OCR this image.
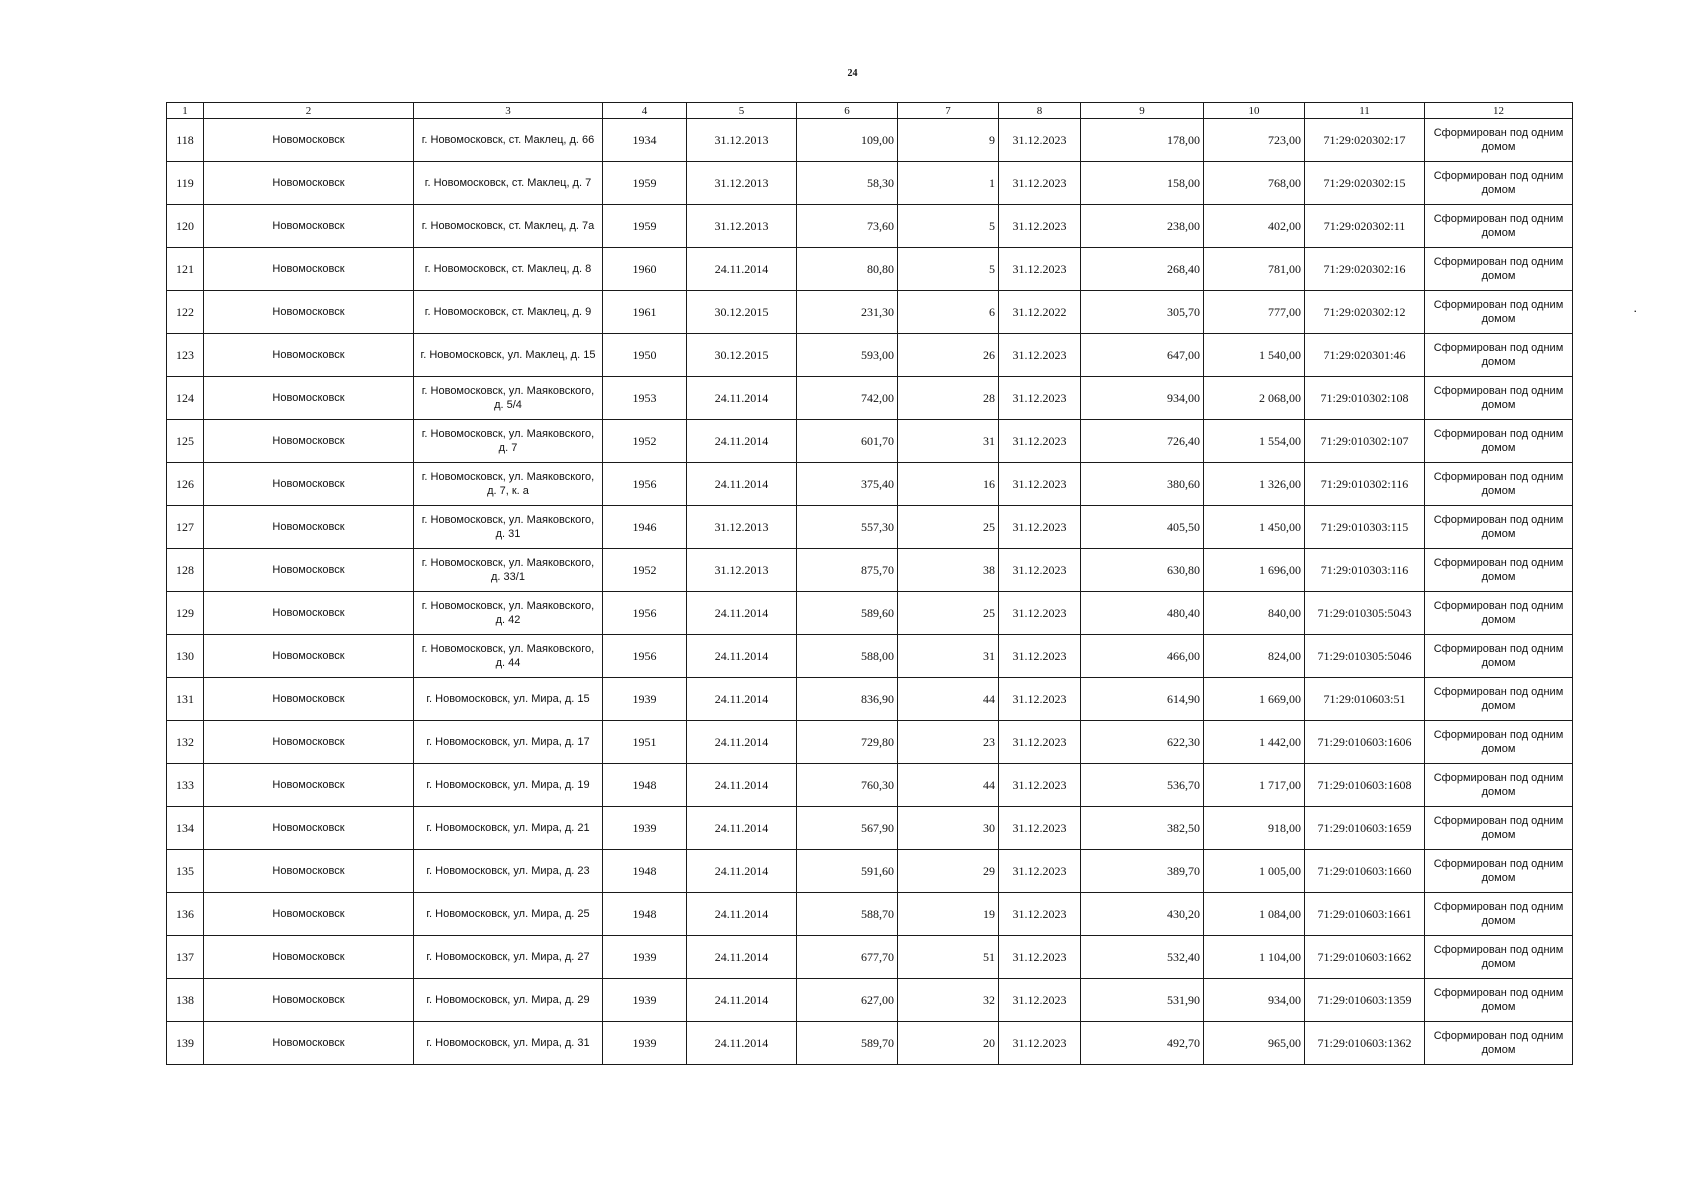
24
1	2	3	4	5	6	7	8	9	10	11	12
118	Новомосковск	г. Новомосковск, ст. Маклец, д. 66	1934	31.12.2013	109,00	9	31.12.2023	178,00	723,00	71:29:020302:17	Сформирован под одним домом
119	Новомосковск	г. Новомосковск, ст. Маклец, д. 7	1959	31.12.2013	58,30	1	31.12.2023	158,00	768,00	71:29:020302:15	Сформирован под одним домом
120	Новомосковск	г. Новомосковск, ст. Маклец, д. 7а	1959	31.12.2013	73,60	5	31.12.2023	238,00	402,00	71:29:020302:11	Сформирован под одним домом
121	Новомосковск	г. Новомосковск, ст. Маклец, д. 8	1960	24.11.2014	80,80	5	31.12.2023	268,40	781,00	71:29:020302:16	Сформирован под одним домом
122	Новомосковск	г. Новомосковск, ст. Маклец, д. 9	1961	30.12.2015	231,30	6	31.12.2022	305,70	777,00	71:29:020302:12	Сформирован под одним домом
123	Новомосковск	г. Новомосковск, ул. Маклец, д. 15	1950	30.12.2015	593,00	26	31.12.2023	647,00	1 540,00	71:29:020301:46	Сформирован под одним домом
124	Новомосковск	г. Новомосковск, ул. Маяковского, д. 5/4	1953	24.11.2014	742,00	28	31.12.2023	934,00	2 068,00	71:29:010302:108	Сформирован под одним домом
125	Новомосковск	г. Новомосковск, ул. Маяковского, д. 7	1952	24.11.2014	601,70	31	31.12.2023	726,40	1 554,00	71:29:010302:107	Сформирован под одним домом
126	Новомосковск	г. Новомосковск, ул. Маяковского, д. 7, к. а	1956	24.11.2014	375,40	16	31.12.2023	380,60	1 326,00	71:29:010302:116	Сформирован под одним домом
127	Новомосковск	г. Новомосковск, ул. Маяковского, д. 31	1946	31.12.2013	557,30	25	31.12.2023	405,50	1 450,00	71:29:010303:115	Сформирован под одним домом
128	Новомосковск	г. Новомосковск, ул. Маяковского, д. 33/1	1952	31.12.2013	875,70	38	31.12.2023	630,80	1 696,00	71:29:010303:116	Сформирован под одним домом
129	Новомосковск	г. Новомосковск, ул. Маяковского, д. 42	1956	24.11.2014	589,60	25	31.12.2023	480,40	840,00	71:29:010305:5043	Сформирован под одним домом
130	Новомосковск	г. Новомосковск, ул. Маяковского, д. 44	1956	24.11.2014	588,00	31	31.12.2023	466,00	824,00	71:29:010305:5046	Сформирован под одним домом
131	Новомосковск	г. Новомосковск, ул. Мира, д. 15	1939	24.11.2014	836,90	44	31.12.2023	614,90	1 669,00	71:29:010603:51	Сформирован под одним домом
132	Новомосковск	г. Новомосковск, ул. Мира, д. 17	1951	24.11.2014	729,80	23	31.12.2023	622,30	1 442,00	71:29:010603:1606	Сформирован под одним домом
133	Новомосковск	г. Новомосковск, ул. Мира, д. 19	1948	24.11.2014	760,30	44	31.12.2023	536,70	1 717,00	71:29:010603:1608	Сформирован под одним домом
134	Новомосковск	г. Новомосковск, ул. Мира, д. 21	1939	24.11.2014	567,90	30	31.12.2023	382,50	918,00	71:29:010603:1659	Сформирован под одним домом
135	Новомосковск	г. Новомосковск, ул. Мира, д. 23	1948	24.11.2014	591,60	29	31.12.2023	389,70	1 005,00	71:29:010603:1660	Сформирован под одним домом
136	Новомосковск	г. Новомосковск, ул. Мира, д. 25	1948	24.11.2014	588,70	19	31.12.2023	430,20	1 084,00	71:29:010603:1661	Сформирован под одним домом
137	Новомосковск	г. Новомосковск, ул. Мира, д. 27	1939	24.11.2014	677,70	51	31.12.2023	532,40	1 104,00	71:29:010603:1662	Сформирован под одним домом
138	Новомосковск	г. Новомосковск, ул. Мира, д. 29	1939	24.11.2014	627,00	32	31.12.2023	531,90	934,00	71:29:010603:1359	Сформирован под одним домом
139	Новомосковск	г. Новомосковск, ул. Мира, д. 31	1939	24.11.2014	589,70	20	31.12.2023	492,70	965,00	71:29:010603:1362	Сформирован под одним домом
.
